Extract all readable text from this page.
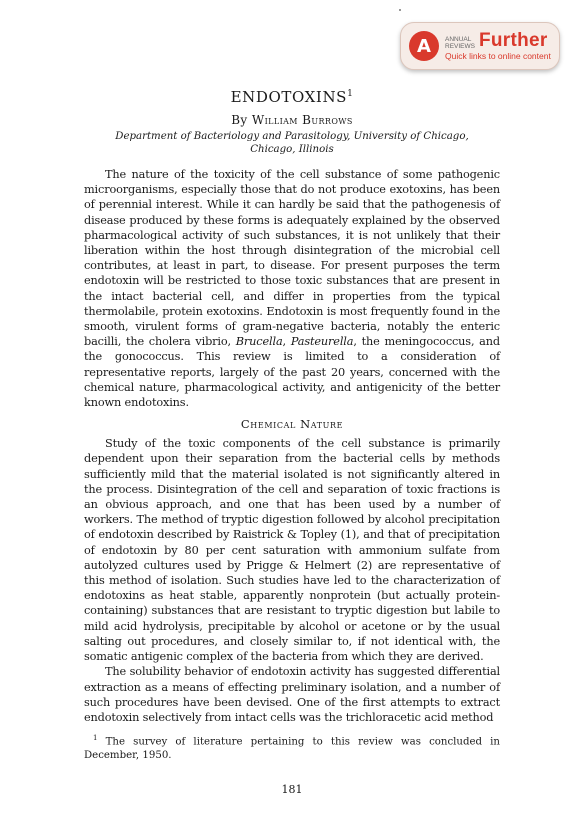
A ANNUAL
REVIEWS Further
Quick links to online content
ENDOTOXINS$^1$
By William Burrows
Department of Bacteriology and Parasitology, University of Chicago,
Chicago, Illinois

The nature of the toxicity of the cell substance of some pathogenic microorganisms, especially those that do not produce exotoxins, has been of perennial interest. While it can hardly be said that the pathogenesis of disease produced by these forms is adequately explained by the observed pharmacological activity of such substances, it is not unlikely that their liberation within the host through disintegration of the microbial cell contributes, at least in part, to disease. For present purposes the term endotoxin will be restricted to those toxic substances that are present in the intact bacterial cell, and differ in properties from the typical thermolabile, protein exotoxins. Endotoxin is most frequently found in the smooth, virulent forms of gram-negative bacteria, notably the enteric bacilli, the cholera vibrio, Brucella, Pasteurella, the meningococcus, and the gonococcus. This review is limited to a consideration of representative reports, largely of the past 20 years, concerned with the chemical nature, pharmacological activity, and antigenicity of the better known endotoxins.

Chemical Nature

Study of the toxic components of the cell substance is primarily dependent upon their separation from the bacterial cells by methods sufficiently mild that the material isolated is not significantly altered in the process. Disintegration of the cell and separation of toxic fractions is an obvious approach, and one that has been used by a number of workers. The method of tryptic digestion followed by alcohol precipitation of endotoxin described by Raistrick & Topley (1), and that of precipitation of endotoxin by 80 per cent saturation with ammonium sulfate from autolyzed cultures used by Prigge & Helmert (2) are representative of this method of isolation. Such studies have led to the characterization of endotoxins as heat stable, apparently nonprotein (but actually protein-containing) substances that are resistant to tryptic digestion but labile to mild acid hydrolysis, precipitable by alcohol or acetone or by the usual salting out procedures, and closely similar to, if not identical with, the somatic antigenic complex of the bacteria from which they are derived.

The solubility behavior of endotoxin activity has suggested differential extraction as a means of effecting preliminary isolation, and a number of such procedures have been devised. One of the first attempts to extract endotoxin selectively from intact cells was the trichloracetic acid method

$^1$ The survey of literature pertaining to this review was concluded in December, 1950.
181
